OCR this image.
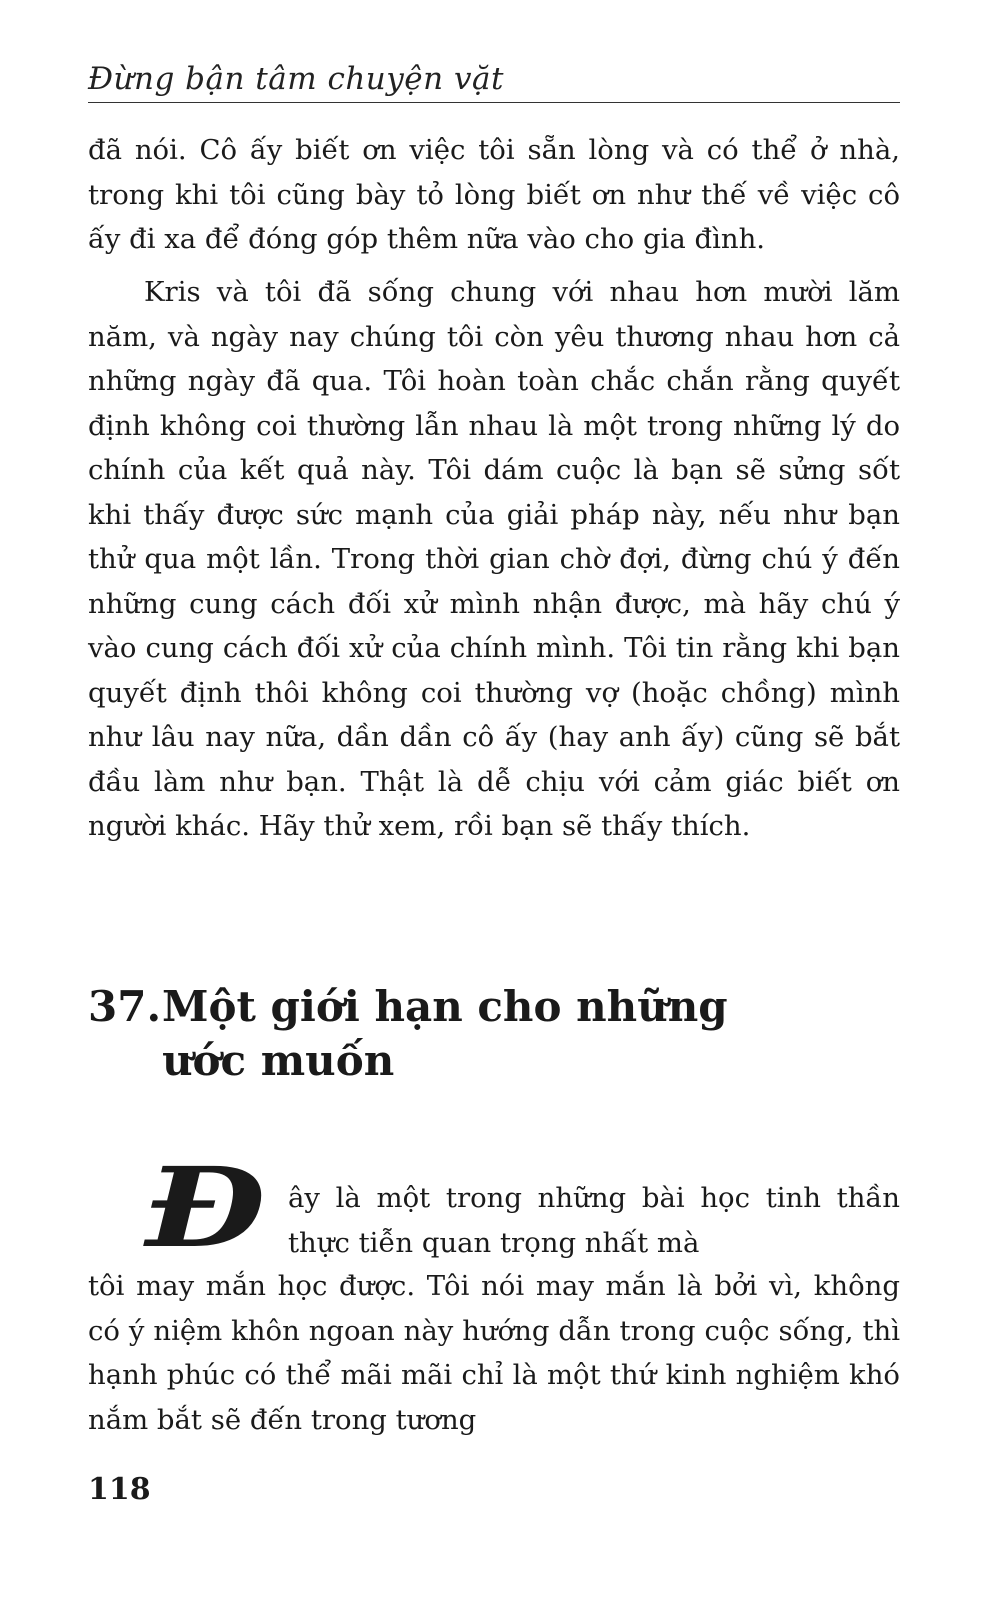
Đừng bận tâm chuyện vặt

đã nói. Cô ấy biết ơn việc tôi sẵn lòng và có thể ở nhà, trong khi tôi cũng bày tỏ lòng biết ơn như thế về việc cô ấy đi xa để đóng góp thêm nữa vào cho gia đình.

Kris và tôi đã sống chung với nhau hơn mười lăm năm, và ngày nay chúng tôi còn yêu thương nhau hơn cả những ngày đã qua. Tôi hoàn toàn chắc chắn rằng quyết định không coi thường lẫn nhau là một trong những lý do chính của kết quả này. Tôi dám cuộc là bạn sẽ sửng sốt khi thấy được sức mạnh của giải pháp này, nếu như bạn thử qua một lần. Trong thời gian chờ đợi, đừng chú ý đến những cung cách đối xử mình nhận được, mà hãy chú ý vào cung cách đối xử của chính mình. Tôi tin rằng khi bạn quyết định thôi không coi thường vợ (hoặc chồng) mình như lâu nay nữa, dần dần cô ấy (hay anh ấy) cũng sẽ bắt đầu làm như bạn. Thật là dễ chịu với cảm giác biết ơn người khác. Hãy thử xem, rồi bạn sẽ thấy thích.

37. Một giới hạn cho những ước muốn
Đ ây là một trong những bài học tinh thần thực tiễn quan trọng nhất mà

tôi may mắn học được. Tôi nói may mắn là bởi vì, không có ý niệm khôn ngoan này hướng dẫn trong cuộc sống, thì hạnh phúc có thể mãi mãi chỉ là một thứ kinh nghiệm khó nắm bắt sẽ đến trong tương

118
